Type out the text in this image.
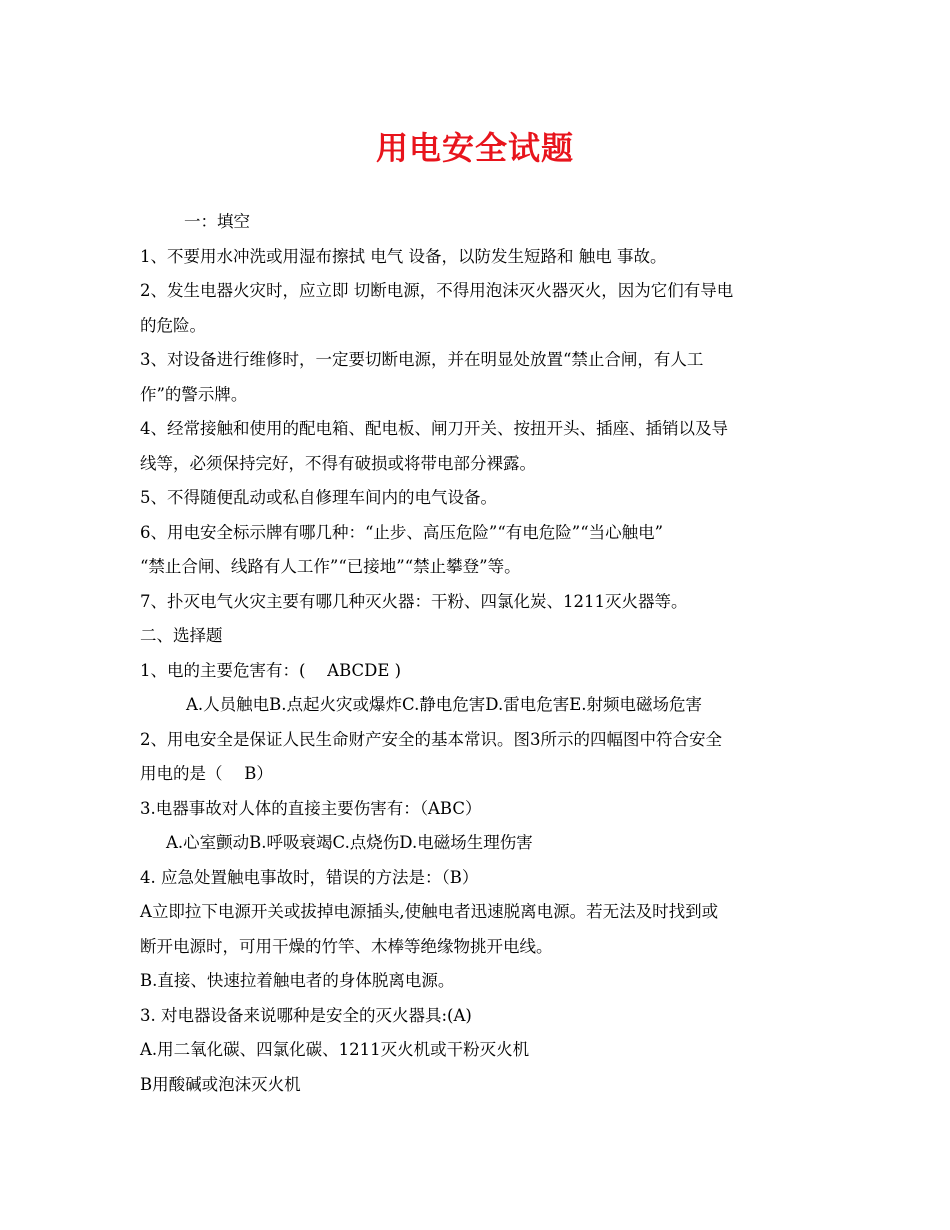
用电安全试题
一：填空
1、不要用水冲洗或用湿布擦拭 电气 设备，以防发生短路和 触电 事故。
2、发生电器火灾时，应立即 切断电源，不得用泡沫灭火器灭火，因为它们有导电
的危险。
3、对设备进行维修时，一定要切断电源，并在明显处放置“禁止合闸，有人工
作”的警示牌。
4、经常接触和使用的配电箱、配电板、闸刀开关、按扭开头、插座、插销以及导
线等，必须保持完好，不得有破损或将带电部分裸露。
5、不得随便乱动或私自修理车间内的电气设备。
6、用电安全标示牌有哪几种：“止步、高压危险”“有电危险”“当心触电”
“禁止合闸、线路有人工作”“已接地”“禁止攀登”等。
7、扑灭电气火灾主要有哪几种灭火器：干粉、四氯化炭、1211灭火器等。
二、选择题
1、电的主要危害有：(　 ABCDE )
A.人员触电B.点起火灾或爆炸C.静电危害D.雷电危害E.射频电磁场危害
2、用电安全是保证人民生命财产安全的基本常识。图3所示的四幅图中符合安全
用电的是（　 B）
3.电器事故对人体的直接主要伤害有：（ABC）
A.心室颤动B.呼吸衰竭C.点烧伤D.电磁场生理伤害
4. 应急处置触电事故时，错误的方法是：（B）
A立即拉下电源开关或拔掉电源插头,使触电者迅速脱离电源。若无法及时找到或
断开电源时，可用干燥的竹竿、木棒等绝缘物挑开电线。
B.直接、快速拉着触电者的身体脱离电源。
3. 对电器设备来说哪种是安全的灭火器具:(A)
A.用二氧化碳、四氯化碳、1211灭火机或干粉灭火机
B用酸碱或泡沫灭火机
